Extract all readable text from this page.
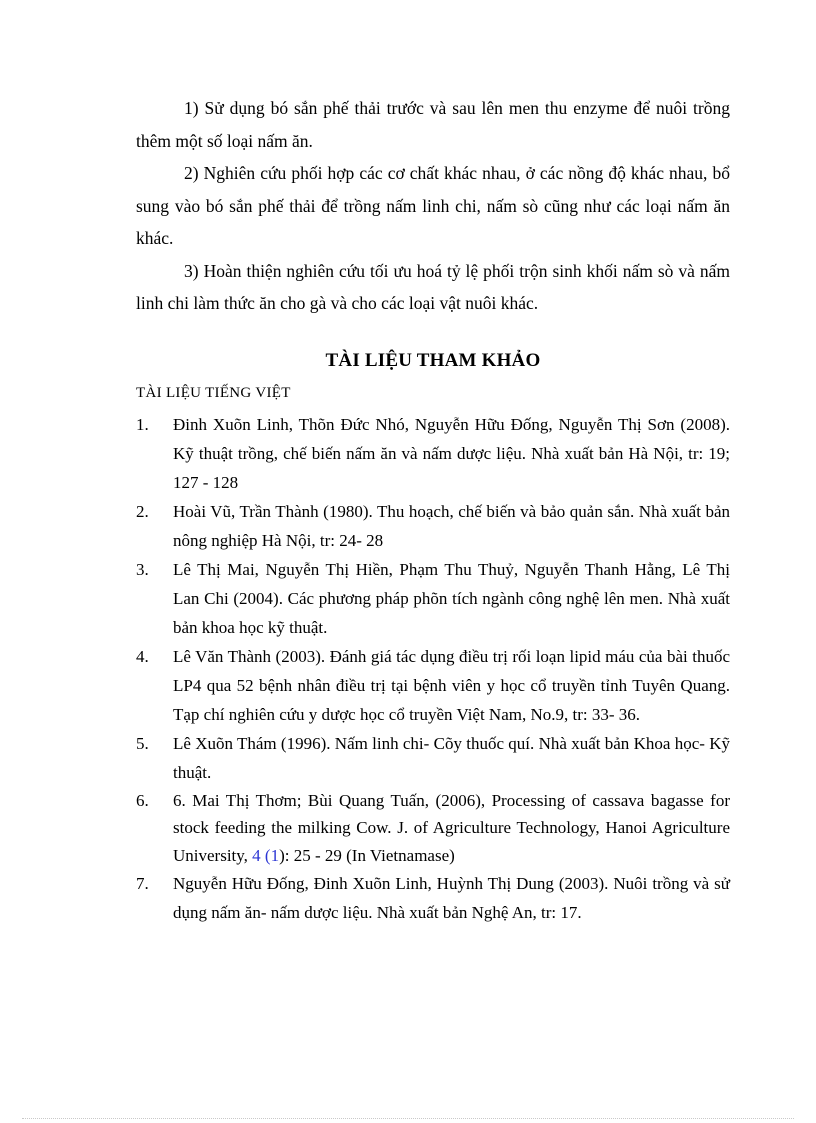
1) Sử dụng bó sắn phế thải trước và sau lên men thu enzyme để nuôi trồng thêm một số loại nấm ăn.

2) Nghiên cứu phối hợp các cơ chất khác nhau, ở các nồng độ khác nhau, bổ sung vào bó sắn phế thải để trồng nấm linh chi, nấm sò cũng như các loại nấm ăn khác.

3) Hoàn thiện nghiên cứu tối ưu hoá tỷ lệ phối trộn sinh khối nấm sò và nấm linh chi làm thức ăn cho gà và cho các loại vật nuôi khác.

TÀI LIỆU THAM KHẢO
TÀI LIỆU TIẾNG VIỆT
1. Đinh Xuõn Linh, Thõn Đức Nhó, Nguyễn Hữu Đống, Nguyễn Thị Sơn (2008). Kỹ thuật trồng, chế biến nấm ăn và nấm dược liệu. Nhà xuất bản Hà Nội, tr: 19; 127 - 128
2. Hoài Vũ, Trần Thành (1980). Thu hoạch, chế biến và bảo quản sắn. Nhà xuất bản nông nghiệp Hà Nội, tr: 24- 28
3. Lê Thị Mai, Nguyễn Thị Hiền, Phạm Thu Thuỷ, Nguyễn Thanh Hằng, Lê Thị Lan Chi (2004). Các phương pháp phõn tích ngành công nghệ lên men. Nhà xuất bản khoa học kỹ thuật.
4. Lê Văn Thành (2003). Đánh giá tác dụng điều trị rối loạn lipid máu của bài thuốc LP4 qua 52 bệnh nhân điều trị tại bệnh viên y học cổ truyền tỉnh Tuyên Quang. Tạp chí nghiên cứu y dược học cổ truyền Việt Nam, No.9, tr: 33- 36.
5. Lê Xuõn Thám (1996). Nấm linh chi- Cõy thuốc quí. Nhà xuất bản Khoa học- Kỹ thuật.
6. 6. Mai Thị Thơm; Bùi Quang Tuấn, (2006), Processing of cassava bagasse for stock feeding the milking Cow. J. of Agriculture Technology, Hanoi Agriculture University, 4 (1): 25 - 29 (In Vietnamase)
7. Nguyễn Hữu Đống, Đinh Xuõn Linh, Huỳnh Thị Dung (2003). Nuôi trồng và sử dụng nấm ăn- nấm dược liệu. Nhà xuất bản Nghệ An, tr: 17.
